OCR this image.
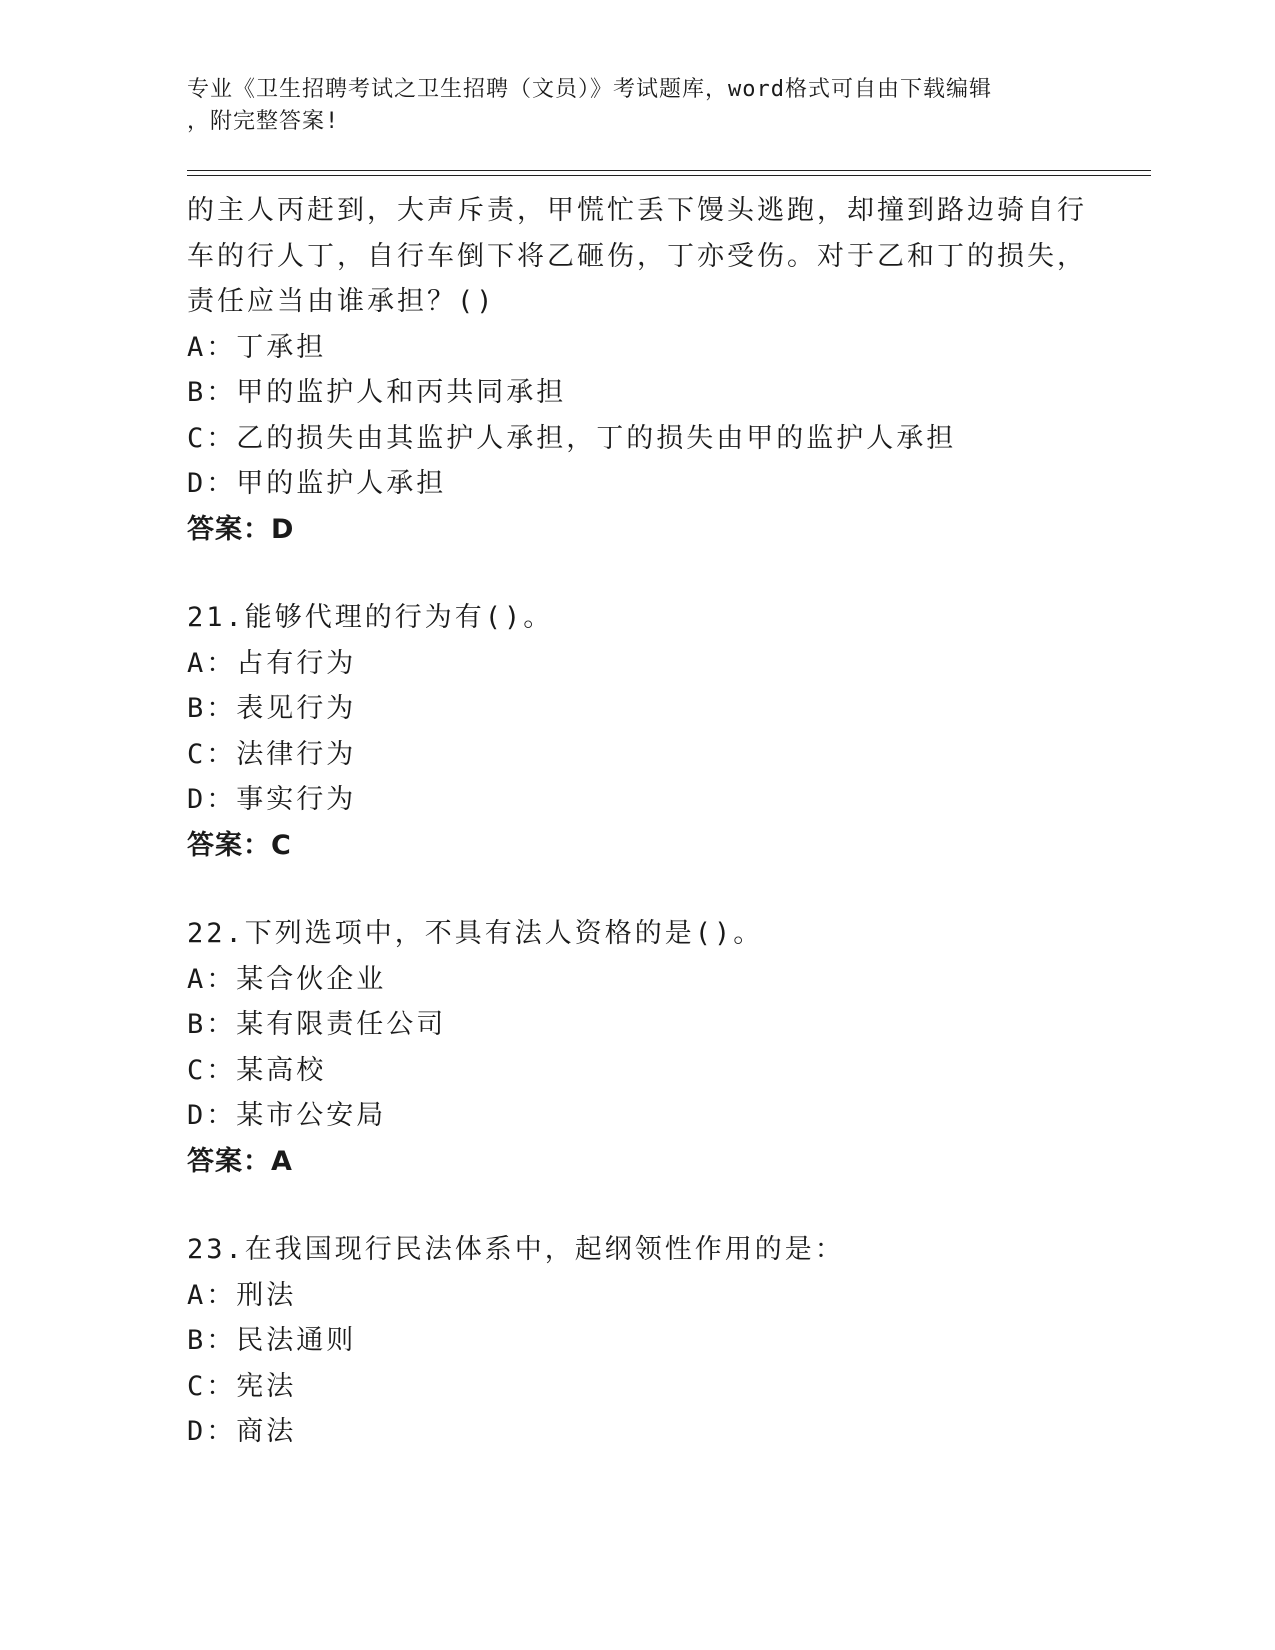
专业《卫生招聘考试之卫生招聘（文员）》考试题库，word格式可自由下载编辑
，附完整答案!
的主人丙赶到，大声斥责，甲慌忙丢下馒头逃跑，却撞到路边骑自行
车的行人丁，自行车倒下将乙砸伤，丁亦受伤。对于乙和丁的损失，
责任应当由谁承担？()
A：丁承担
B：甲的监护人和丙共同承担
C：乙的损失由其监护人承担，丁的损失由甲的监护人承担
D：甲的监护人承担
答案：D
21.能够代理的行为有()。
A：占有行为
B：表见行为
C：法律行为
D：事实行为
答案：C
22.下列选项中，不具有法人资格的是()。
A：某合伙企业
B：某有限责任公司
C：某高校
D：某市公安局
答案：A
23.在我国现行民法体系中，起纲领性作用的是：
A：刑法
B：民法通则
C：宪法
D：商法
